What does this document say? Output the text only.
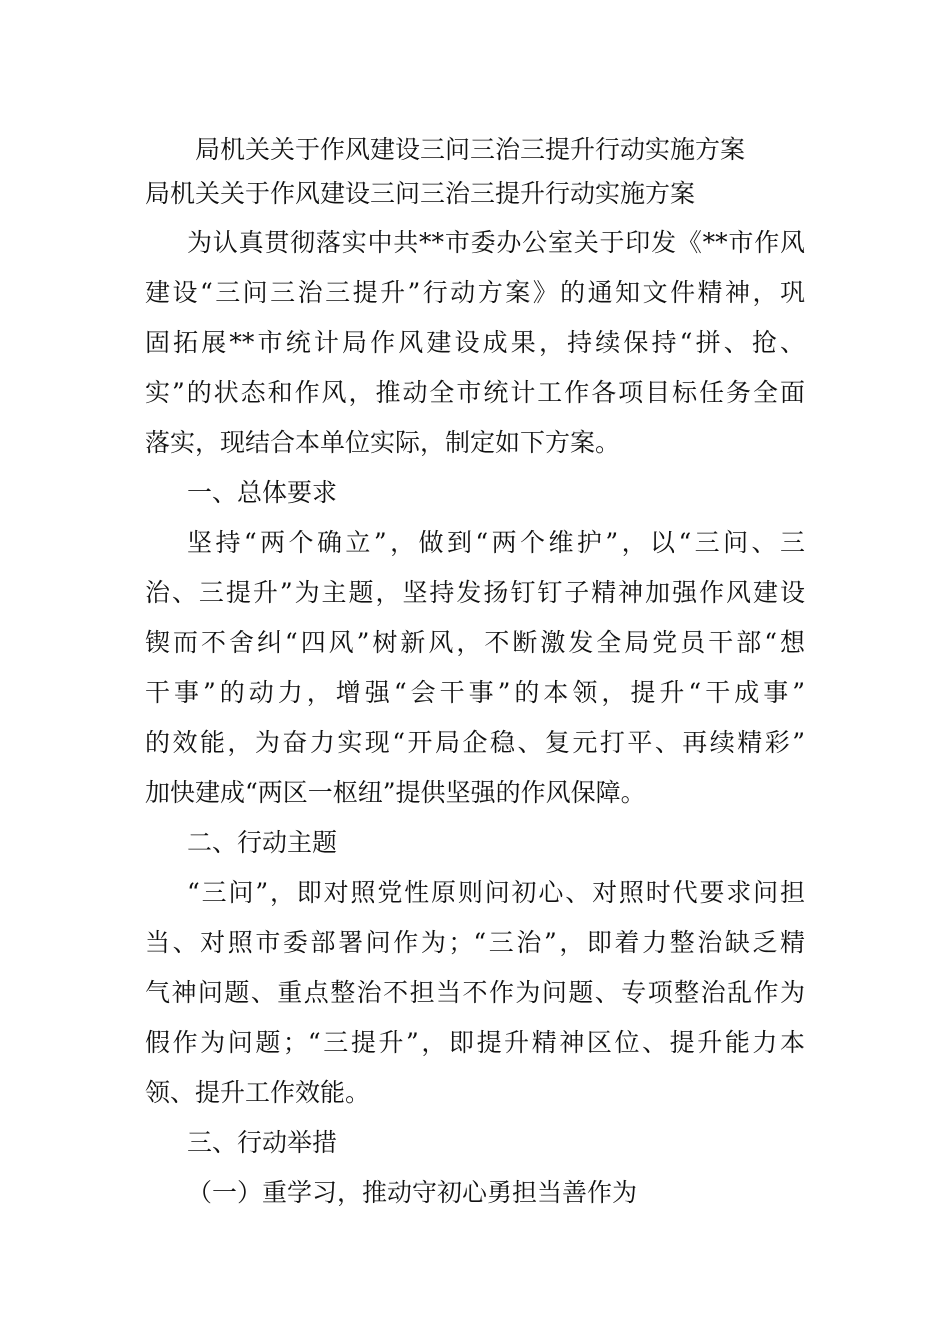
局机关关于作风建设三问三治三提升行动实施方案
局机关关于作风建设三问三治三提升行动实施方案
为认真贯彻落实中共**市委办公室关于印发《**市作风
建设“三问三治三提升”行动方案》的通知文件精神，巩
固拓展**市统计局作风建设成果，持续保持“拼、抢、
实”的状态和作风，推动全市统计工作各项目标任务全面
落实，现结合本单位实际，制定如下方案。
一、总体要求
坚持“两个确立”，做到“两个维护”，以“三问、三
治、三提升”为主题，坚持发扬钉钉子精神加强作风建设
锲而不舍纠“四风”树新风，不断激发全局党员干部“想
干事”的动力，增强“会干事”的本领，提升“干成事”
的效能，为奋力实现“开局企稳、复元打平、再续精彩”
加快建成“两区一枢纽”提供坚强的作风保障。
二、行动主题
“三问”，即对照党性原则问初心、对照时代要求问担
当、对照市委部署问作为；“三治”，即着力整治缺乏精
气神问题、重点整治不担当不作为问题、专项整治乱作为
假作为问题；“三提升”，即提升精神区位、提升能力本
领、提升工作效能。
三、行动举措
（一）重学习，推动守初心勇担当善作为
